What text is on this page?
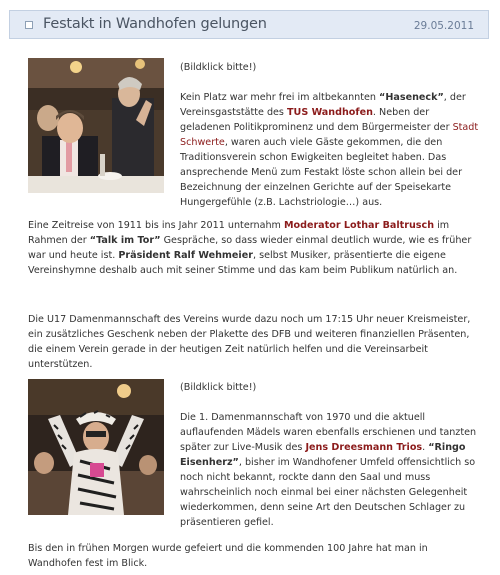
Festakt in Wandhofen gelungen	29.05.2011

(Bildklick bitte!)

Kein Platz war mehr frei im altbekannten “Haseneck”, der Vereinsgaststätte des TUS Wandhofen. Neben der geladenen Politikprominenz und dem Bürgermeister der Stadt Schwerte, waren auch viele Gäste gekommen, die den Traditionsverein schon Ewigkeiten begleitet haben. Das ansprechende Menü zum Festakt löste schon allein bei der Bezeichnung der einzelnen Gerichte auf der Speisekarte Hungergefühle (z.B. Lachstriologie…) aus.

Eine Zeitreise von 1911 bis ins Jahr 2011 unternahm Moderator Lothar Baltrusch im Rahmen der “Talk im Tor” Gespräche, so dass wieder einmal deutlich wurde, wie es früher war und heute ist. Präsident Ralf Wehmeier, selbst Musiker, präsentierte die eigene Vereinshymne deshalb auch mit seiner Stimme und das kam beim Publikum natürlich an.

Die U17 Damenmannschaft des Vereins wurde dazu noch um 17:15 Uhr neuer Kreismeister, ein zusätzliches Geschenk neben der Plakette des DFB und weiteren finanziellen Präsenten, die einem Verein gerade in der heutigen Zeit natürlich helfen und die Vereinsarbeit unterstützen.

(Bildklick bitte!)

Die 1. Damenmannschaft von 1970 und die aktuell auflaufenden Mädels waren ebenfalls erschienen und tanzten später zur Live-Musik des Jens Dreesmann Trios. “Ringo Eisenherz”, bisher im Wandhofener Umfeld offensichtlich so noch nicht bekannt, rockte dann den Saal und muss wahrscheinlich noch einmal bei einer nächsten Gelegenheit wiederkommen, denn seine Art den Deutschen Schlager zu präsentieren gefiel.

Bis den in frühen Morgen wurde gefeiert und die kommenden 100 Jahre hat man in Wandhofen fest im Blick.
